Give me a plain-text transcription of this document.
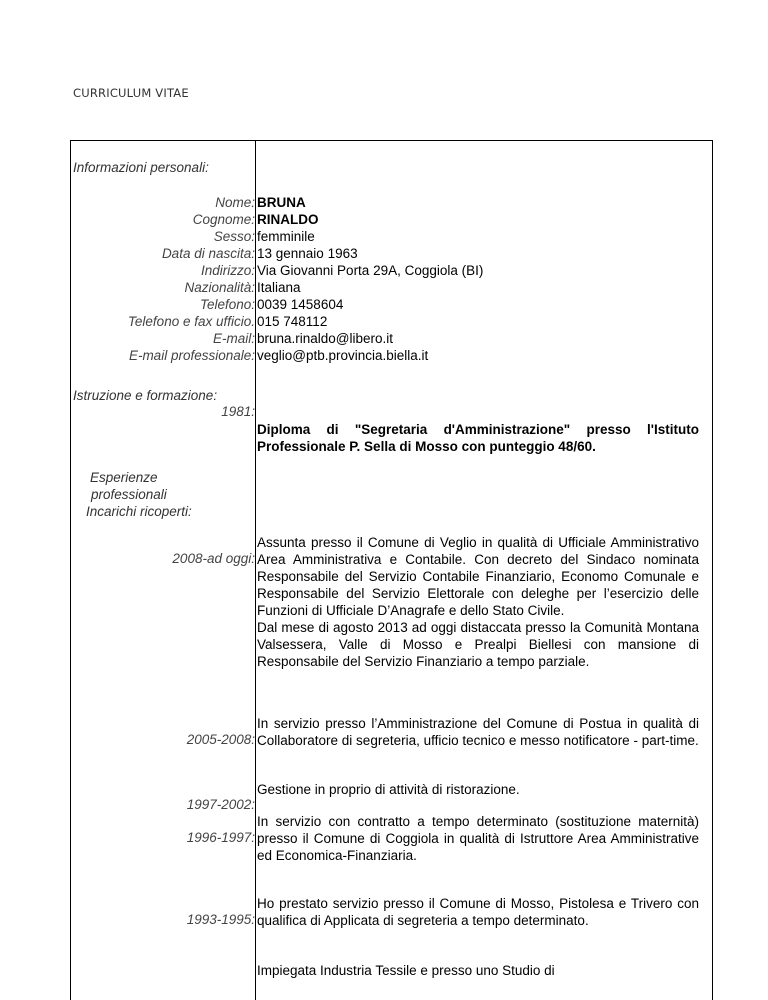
CURRICULUM VITAE
Informazioni personali:
Nome: BRUNA
Cognome: RINALDO
Sesso: femminile
Data di nascita: 13 gennaio 1963
Indirizzo: Via Giovanni Porta 29A, Coggiola (BI)
Nazionalità: Italiana
Telefono: 0039 1458604
Telefono e fax ufficio. 015 748112
E-mail: bruna.rinaldo@libero.it
E-mail professionale: veglio@ptb.provincia.biella.it
Istruzione e formazione:
1981:
Diploma di "Segretaria d'Amministrazione" presso l'Istituto Professionale P. Sella di Mosso con punteggio 48/60.
Esperienze
professionali
Incarichi ricoperti:
2008-ad oggi:

Assunta presso il Comune di Veglio in qualità di Ufficiale Amministrativo Area Amministrativa e Contabile. Con decreto del Sindaco nominata Responsabile del Servizio Contabile Finanziario, Economo Comunale e Responsabile del Servizio Elettorale con deleghe per l’esercizio delle Funzioni di Ufficiale D’Anagrafe e dello Stato Civile.

Dal mese di agosto 2013 ad oggi distaccata presso la Comunità Montana Valsessera, Valle di Mosso e Prealpi Biellesi con mansione di Responsabile del Servizio Finanziario a tempo parziale.

2005-2008:

In servizio presso l’Amministrazione del Comune di Postua in qualità di Collaboratore di segreteria, ufficio tecnico e messo notificatore - part-time.

1997-2002:

Gestione in proprio di attività di ristorazione.

1996-1997:

In servizio con contratto a tempo determinato (sostituzione maternità) presso il Comune di Coggiola in qualità di Istruttore Area Amministrative ed Economica-Finanziaria.

1993-1995:

Ho prestato servizio presso il Comune di Mosso, Pistolesa e Trivero con qualifica di Applicata di segreteria a tempo determinato.

Impiegata Industria Tessile e presso uno Studio di
